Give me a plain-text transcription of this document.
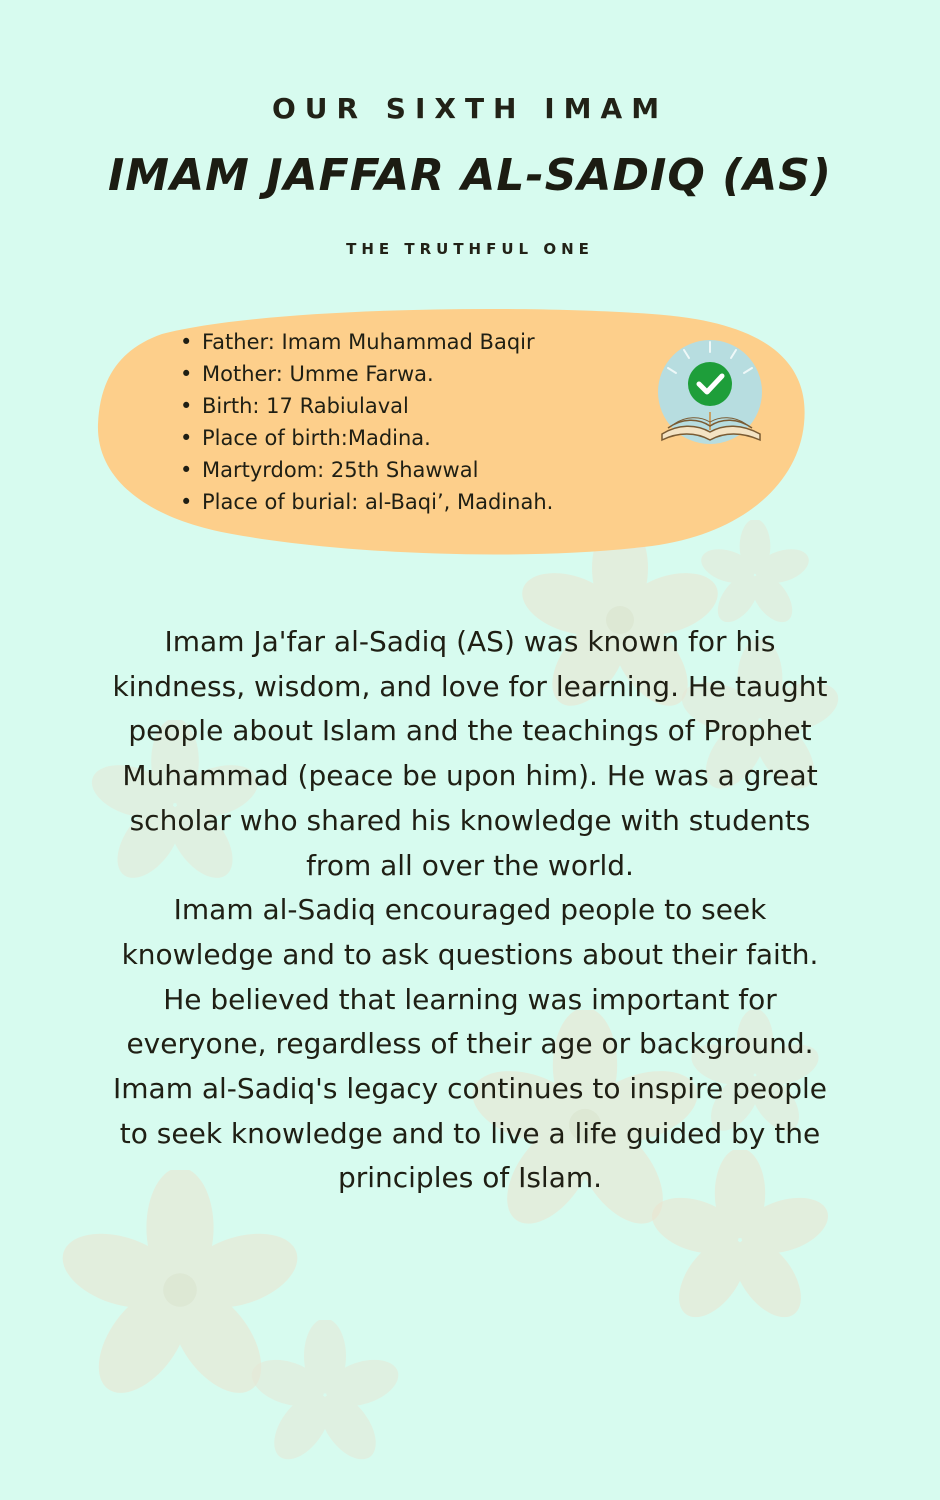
OUR SIXTH IMAM
IMAM JAFFAR AL-SADIQ (AS)
THE TRUTHFUL ONE
• Father: Imam Muhammad Baqir
• Mother: Umme Farwa.
• Birth: 17 Rabiulaval
• Place of birth:Madina.
• Martyrdom: 25th Shawwal
• Place of burial: al-Baqi’, Madinah.

Imam Ja'far al-Sadiq (AS) was known for his kindness, wisdom, and love for learning. He taught people about Islam and the teachings of Prophet Muhammad (peace be upon him). He was a great scholar who shared his knowledge with students from all over the world.

Imam al-Sadiq encouraged people to seek knowledge and to ask questions about their faith.

He believed that learning was important for everyone, regardless of their age or background.

Imam al-Sadiq's legacy continues to inspire people to seek knowledge and to live a life guided by the principles of Islam.
